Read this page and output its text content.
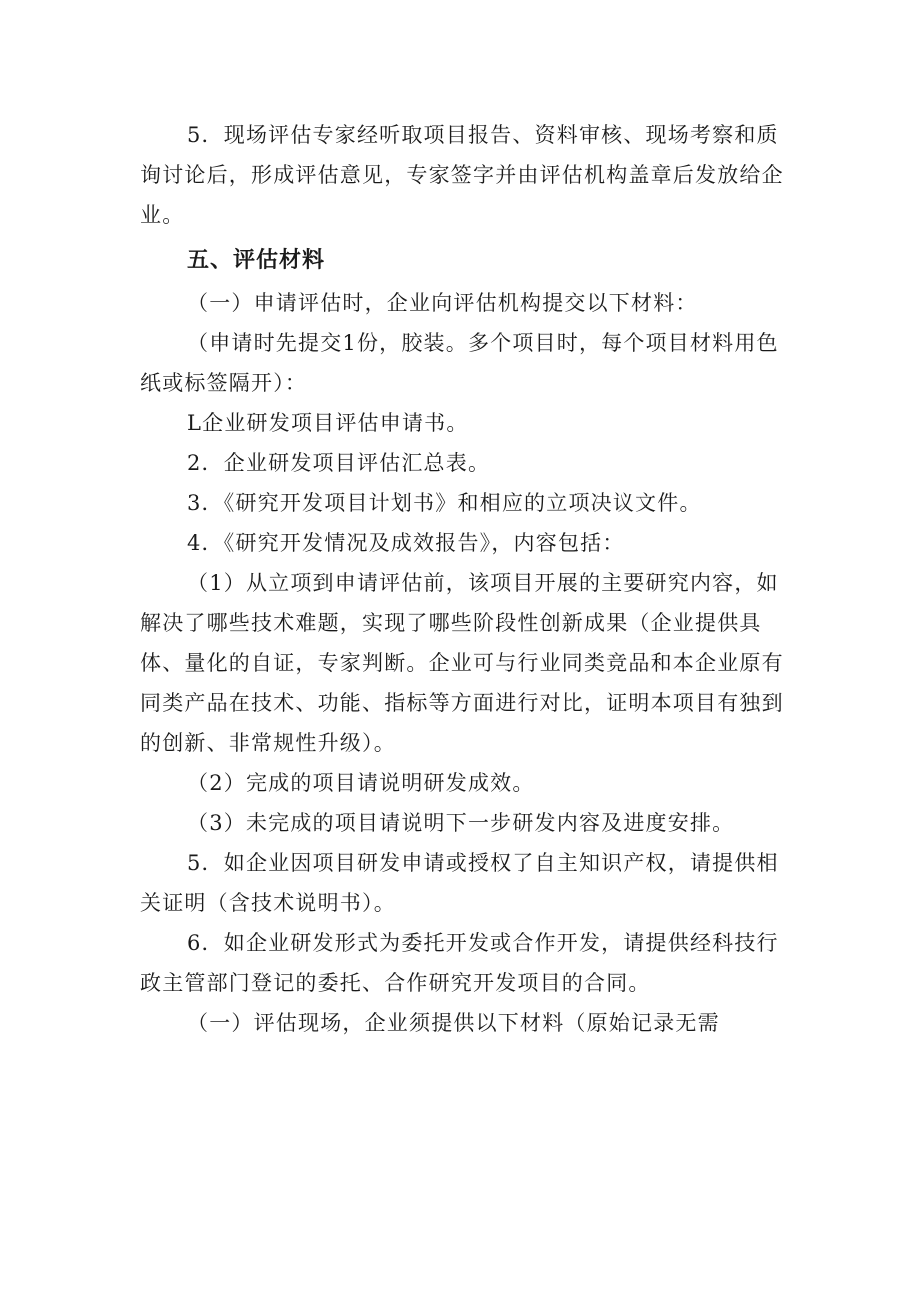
5．现场评估专家经听取项目报告、资料审核、现场考察和质询讨论后，形成评估意见，专家签字并由评估机构盖章后发放给企业。

五、评估材料

（一）申请评估时，企业向评估机构提交以下材料：

（申请时先提交1份，胶装。多个项目时，每个项目材料用色纸或标签隔开）：

L企业研发项目评估申请书。

2．企业研发项目评估汇总表。

3．《研究开发项目计划书》和相应的立项决议文件。

4．《研究开发情况及成效报告》，内容包括：

（1）从立项到申请评估前，该项目开展的主要研究内容，如解决了哪些技术难题，实现了哪些阶段性创新成果（企业提供具体、量化的自证，专家判断。企业可与行业同类竞品和本企业原有同类产品在技术、功能、指标等方面进行对比，证明本项目有独到的创新、非常规性升级）。

（2）完成的项目请说明研发成效。

（3）未完成的项目请说明下一步研发内容及进度安排。

5．如企业因项目研发申请或授权了自主知识产权，请提供相关证明（含技术说明书）。

6．如企业研发形式为委托开发或合作开发，请提供经科技行政主管部门登记的委托、合作研究开发项目的合同。

（一）评估现场，企业须提供以下材料（原始记录无需
